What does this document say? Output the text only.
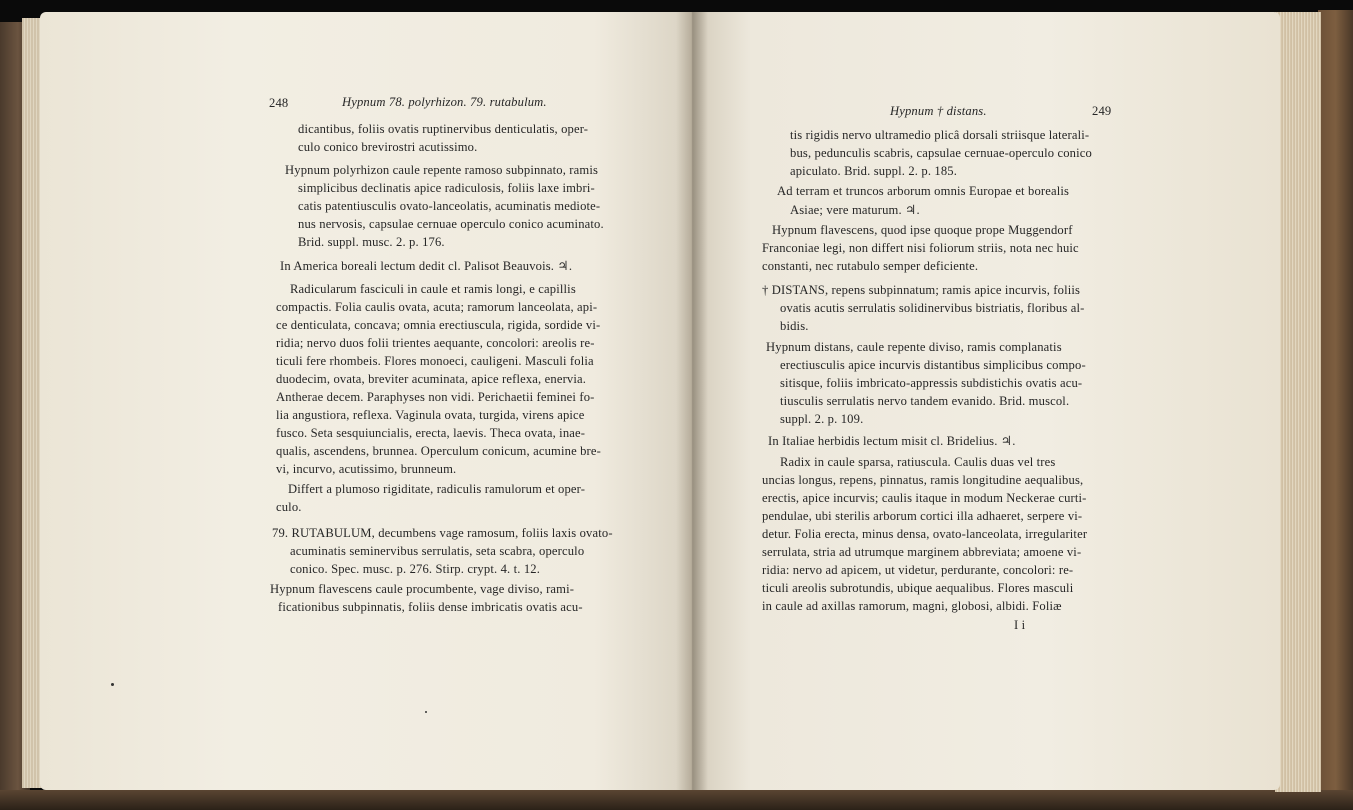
248	Hypnum 78. polyrhizon. 79. rutabulum.
dicantibus, foliis ovatis ruptinervibus denticulatis, oper-
culo conico brevirostri acutissimo.
Hypnum polyrhizon caule repente ramoso subpinnato, ramis
simplicibus declinatis apice radiculosis, foliis laxe imbri-
catis patentiusculis ovato-lanceolatis, acuminatis mediote-
nus nervosis, capsulae cernuae operculo conico acuminato.
Brid. suppl. musc. 2. p. 176.
In America boreali lectum dedit cl. Palisot Beauvois. ♃.
Radicularum fasciculi in caule et ramis longi, e capillis
compactis. Folia caulis ovata, acuta; ramorum lanceolata, api-
ce denticulata, concava; omnia erectiuscula, rigida, sordide vi-
ridia; nervo duos folii trientes aequante, concolori: areolis re-
ticuli fere rhombeis. Flores monoeci, cauligeni. Masculi folia
duodecim, ovata, breviter acuminata, apice reflexa, enervia.
Antherae decem. Paraphyses non vidi. Perichaetii feminei fo-
lia angustiora, reflexa. Vaginula ovata, turgida, virens apice
fusco. Seta sesquiuncialis, erecta, laevis. Theca ovata, inae-
qualis, ascendens, brunnea. Operculum conicum, acumine bre-
vi, incurvo, acutissimo, brunneum.
Differt a plumoso rigiditate, radiculis ramulorum et oper-
culo.
79. RUTABULUM, decumbens vage ramosum, foliis laxis ovato-
acuminatis seminervibus serrulatis, seta scabra, operculo
conico. Spec. musc. p. 276. Stirp. crypt. 4. t. 12.
Hypnum flavescens caule procumbente, vage diviso, rami-
ficationibus subpinnatis, foliis dense imbricatis ovatis acu-
Hypnum † distans.	249
tis rigidis nervo ultramedio plicâ dorsali striisque laterali-
bus, pedunculis scabris, capsulae cernuae-operculo conico
apiculato. Brid. suppl. 2. p. 185.
Ad terram et truncos arborum omnis Europae et borealis
Asiae; vere maturum. ♃.
Hypnum flavescens, quod ipse quoque prope Muggendorf
Franconiae legi, non differt nisi foliorum striis, nota nec huic
constanti, nec rutabulo semper deficiente.
† DISTANS, repens subpinnatum; ramis apice incurvis, foliis
ovatis acutis serrulatis solidinervibus bistriatis, floribus al-
bidis.
Hypnum distans, caule repente diviso, ramis complanatis
erectiusculis apice incurvis distantibus simplicibus compo-
sitisque, foliis imbricato-appressis subdistichis ovatis acu-
tiusculis serrulatis nervo tandem evanido. Brid. muscol.
suppl. 2. p. 109.
In Italiae herbidis lectum misit cl. Bridelius. ♃.
Radix in caule sparsa, ratiuscula. Caulis duas vel tres
uncias longus, repens, pinnatus, ramis longitudine aequalibus,
erectis, apice incurvis; caulis itaque in modum Neckerae curti-
pendulae, ubi sterilis arborum cortici illa adhaeret, serpere vi-
detur. Folia erecta, minus densa, ovato-lanceolata, irregulariter
serrulata, stria ad utrumque marginem abbreviata; amoene vi-
ridia: nervo ad apicem, ut videtur, perdurante, concolori: re-
ticuli areolis subrotundis, ubique aequalibus. Flores masculi
in caule ad axillas ramorum, magni, globosi, albidi. Foliæ
I i
